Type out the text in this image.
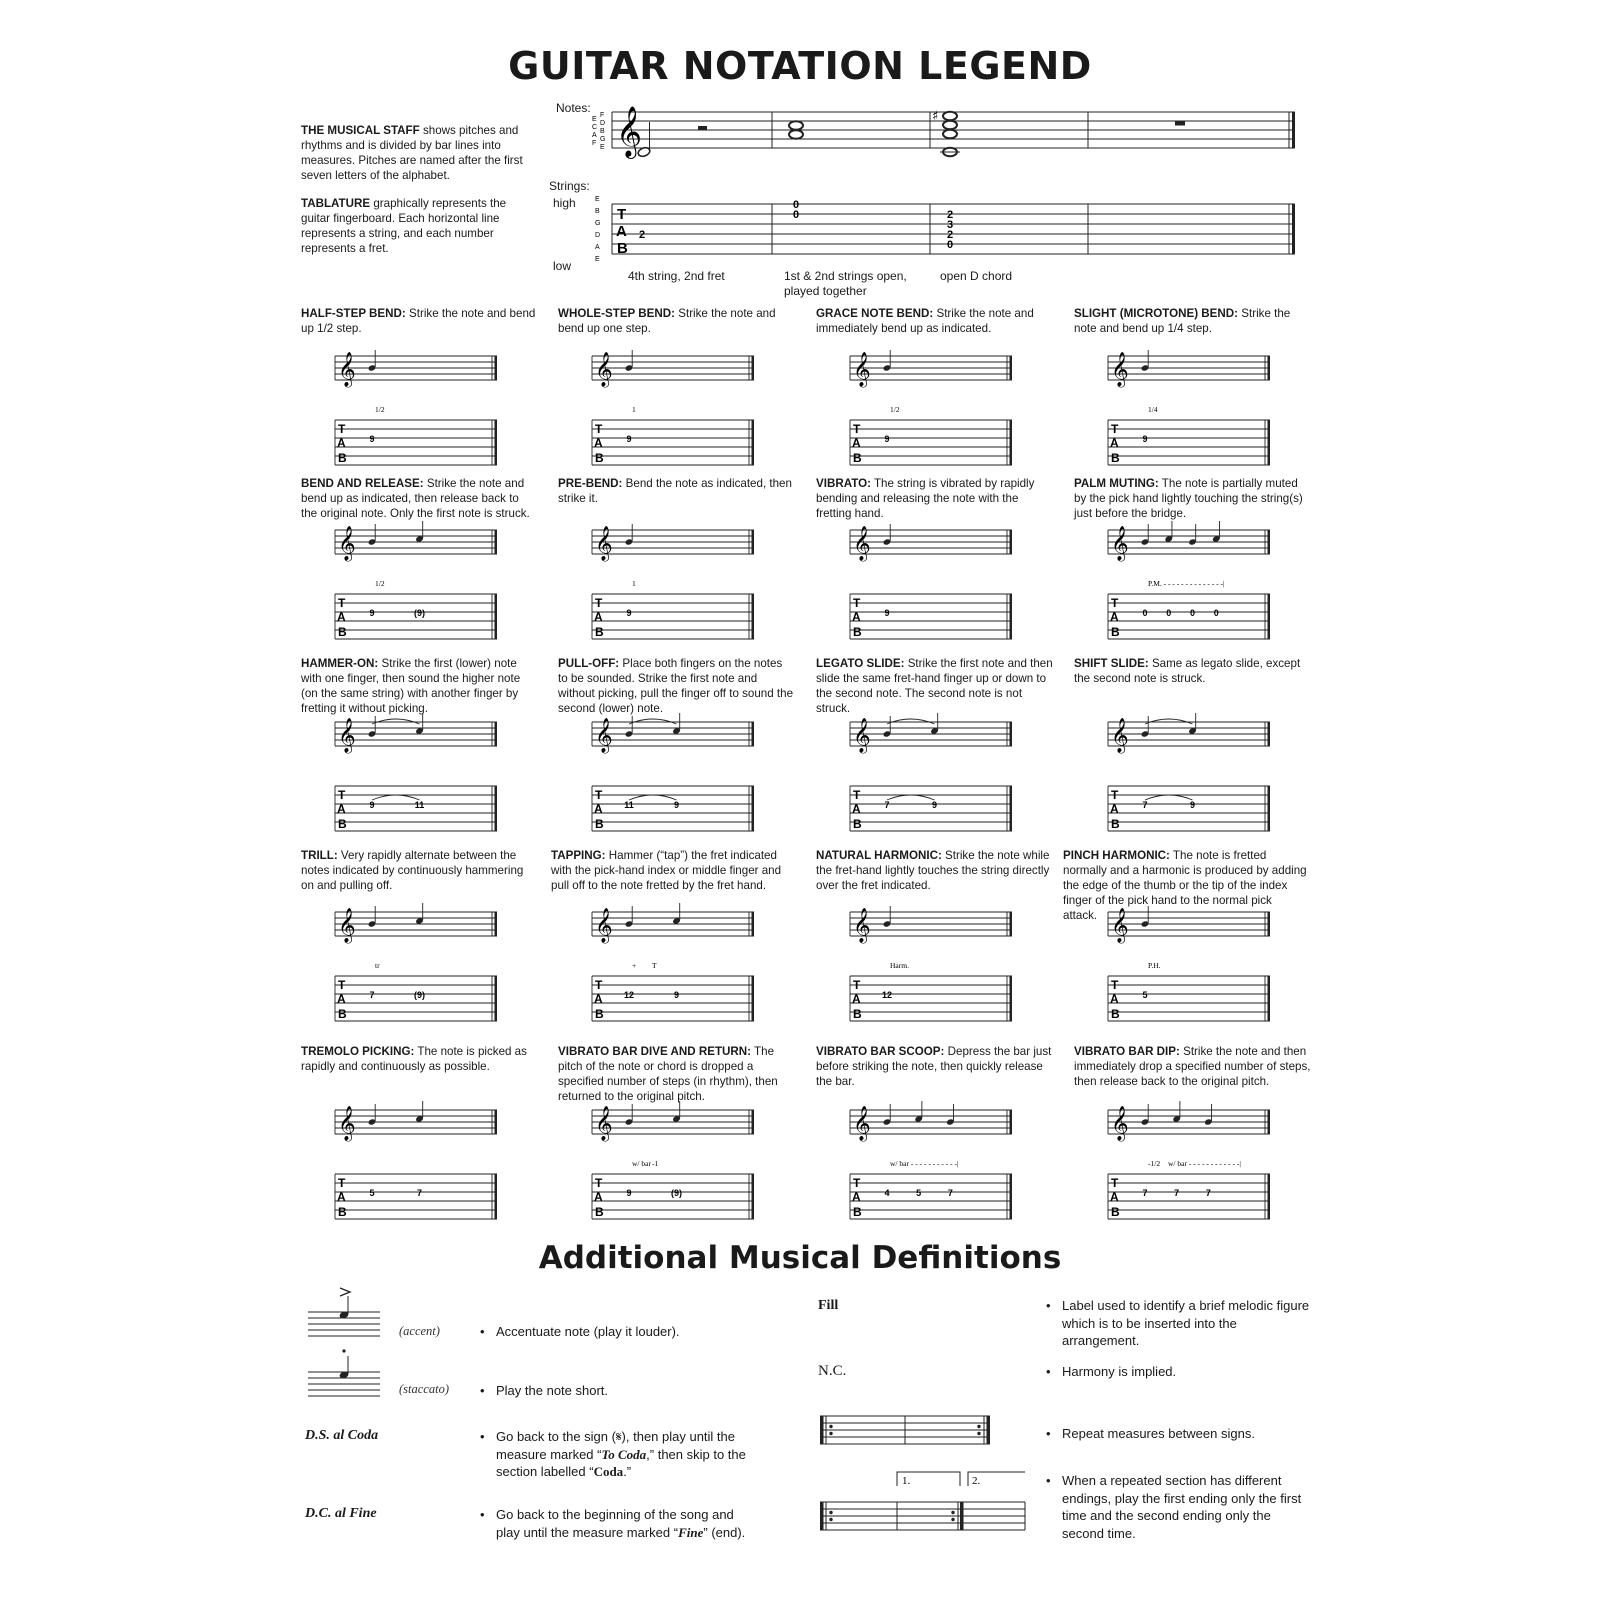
GUITAR NOTATION LEGEND
THE MUSICAL STAFF shows pitches and rhythms and is divided by bar lines into measures. Pitches are named after the first seven letters of the alphabet.
TABLATURE graphically represents the guitar fingerboard. Each horizontal line represents a string, and each number represents a fret.
Notes:
Strings:
high
low
𝄞
T
A
B
F
D
B
G
E
E
C
A
F
E
B
G
D
A
E
♯
2
0
0	2
3
2
0
4th string, 2nd fret	1st & 2nd strings open, played together
open D chord
HALF-STEP BEND: Strike the note and bend up 1/2 step.
𝄞
T
A
B
9
1/2
WHOLE-STEP BEND: Strike the note and bend up one step.
𝄞
T
A
B
9
1
GRACE NOTE BEND: Strike the note and immediately bend up as indicated.
𝄞
T
A
B
9
1/2
SLIGHT (MICROTONE) BEND: Strike the note and bend up 1/4 step.
𝄞
T
A
B
9
1/4
BEND AND RELEASE: Strike the note and bend up as indicated, then release back to the original note. Only the first note is struck.
𝄞
T
A
B
9	(9)
1/2
PRE-BEND: Bend the note as indicated, then strike it.
𝄞
T
A
B
9
1
VIBRATO: The string is vibrated by rapidly bending and releasing the note with the fretting hand.
𝄞
T
A
B
9
PALM MUTING: The note is partially muted by the pick hand lightly touching the string(s) just before the bridge.
𝄞
T
A
B
0 0 0 0
P.M. - - - - - - - - - - - - - -|
HAMMER-ON: Strike the first (lower) note with one finger, then sound the higher note (on the same string) with another finger by fretting it without picking.
𝄞
T
A
B
9	11
PULL-OFF: Place both fingers on the notes to be sounded. Strike the first note and without picking, pull the finger off to sound the second (lower) note.
𝄞
T
A
B
11	9
LEGATO SLIDE: Strike the first note and then slide the same fret-hand finger up or down to the second note. The second note is not struck.
𝄞
T
A
B
7	9
SHIFT SLIDE: Same as legato slide, except the second note is struck.
𝄞
T
A
B
7	9
TRILL: Very rapidly alternate between the notes indicated by continuously hammering on and pulling off.
𝄞
T
A
B
7	(9)
tr
TAPPING: Hammer (“tap”) the fret indicated with the pick-hand index or middle finger and pull off to the note fretted by the fret hand.
𝄞
T
A
B
12	9
+ T
NATURAL HARMONIC: Strike the note while the fret-hand lightly touches the string directly over the fret indicated.
𝄞
T
A
B
12
Harm.
PINCH HARMONIC: The note is fretted normally and a harmonic is produced by adding the edge of the thumb or the tip of the index finger of the pick hand to the normal pick attack. 𝄞
T
A
B
5
P.H.
TREMOLO PICKING: The note is picked as rapidly and continuously as possible.
𝄞
T
A
B
5	7
VIBRATO BAR DIVE AND RETURN: The pitch of the note or chord is dropped a specified number of steps (in rhythm), then returned to the original pitch.
𝄞
T
A
B
9	(9)
w/ bar -1
VIBRATO BAR SCOOP: Depress the bar just before striking the note, then quickly release the bar.
𝄞
T
A
B
4	5	7
w/ bar - - - - - - - - - - -|
VIBRATO BAR DIP: Strike the note and then immediately drop a specified number of steps, then release back to the original pitch.
𝄞
T
A
B
7	7	7
-1/2 w/ bar - - - - - - - - - - - -|
Additional Musical Definitions
(accent)	• Accentuate note (play it louder).
(staccato) • Play the note short.
D.S. al Coda	• Go back to the sign (𝄋), then play until the measure marked “To Coda,” then skip to the section labelled “Coda.”
D.C. al Fine	• Go back to the beginning of the song and play until the measure marked “Fine” (end).
Fill	• Label used to identify a brief melodic figure which is to be inserted into the arrangement.
N.C.	• Harmony is implied.
• Repeat measures between signs.
1.	2.	• When a repeated section has different endings, play the first ending only the first time and the second ending only the second time.
